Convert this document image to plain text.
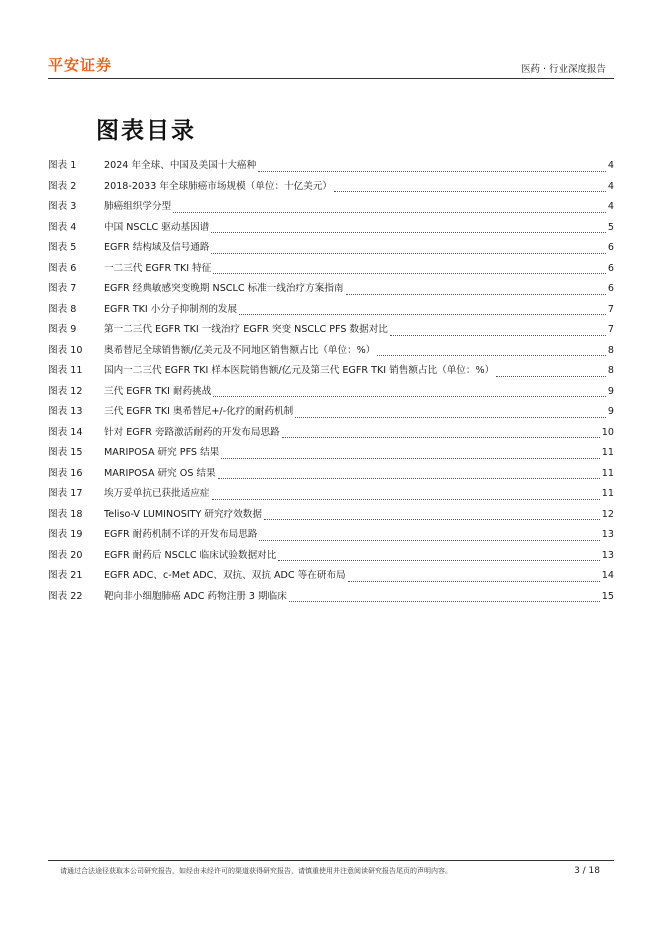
平安证券	医药 · 行业深度报告
图表目录
图表 1	2024 年全球、中国及美国十大癌种	4
图表 2	2018-2033 年全球肺癌市场规模（单位：十亿美元）	4
图表 3	肺癌组织学分型	4
图表 4	中国 NSCLC 驱动基因谱	5
图表 5	EGFR 结构域及信号通路	6
图表 6	一二三代 EGFR TKI 特征	6
图表 7	EGFR 经典敏感突变晚期 NSCLC 标准一线治疗方案指南	6
图表 8	EGFR TKI 小分子抑制剂的发展	7
图表 9	第一二三代 EGFR TKI 一线治疗 EGFR 突变 NSCLC PFS 数据对比	7
图表 10	奥希替尼全球销售额/亿美元及不同地区销售额占比（单位：%）	8
图表 11	国内一二三代 EGFR TKI 样本医院销售额/亿元及第三代 EGFR TKI 销售额占比（单位：%）	8
图表 12	三代 EGFR TKI 耐药挑战	9
图表 13	三代 EGFR TKI 奥希替尼+/-化疗的耐药机制	9
图表 14	针对 EGFR 旁路激活耐药的开发布局思路	10
图表 15	MARIPOSA 研究 PFS 结果	11
图表 16	MARIPOSA 研究 OS 结果	11
图表 17	埃万妥单抗已获批适应症	11
图表 18	Teliso-V LUMINOSITY 研究疗效数据	12
图表 19	EGFR 耐药机制不详的开发布局思路	13
图表 20	EGFR 耐药后 NSCLC 临床试验数据对比	13
图表 21	EGFR ADC、c-Met ADC、双抗、双抗 ADC 等在研布局	14
图表 22	靶向非小细胞肺癌 ADC 药物注册 3 期临床	15
请通过合法途径获取本公司研究报告，如经由未经许可的渠道获得研究报告，请慎重使用并注意阅读研究报告尾页的声明内容。	3 / 18
